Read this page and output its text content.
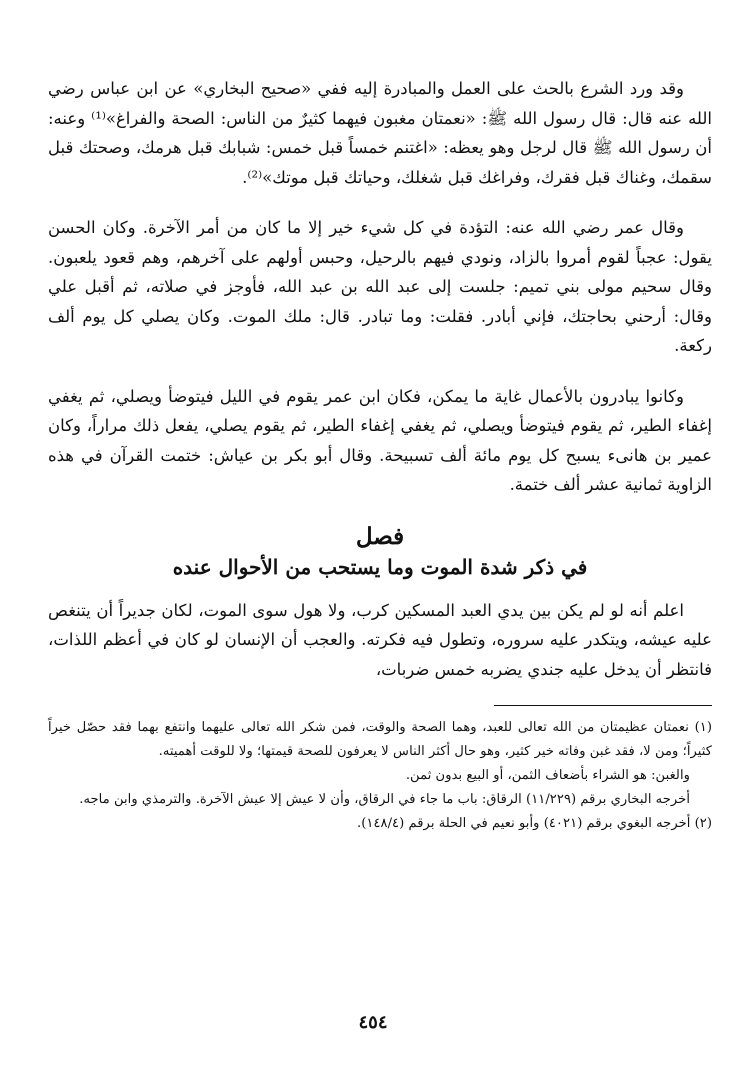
وقد ورد الشرع بالحث على العمل والمبادرة إليه ففي «صحيح البخاري» عن ابن عباس رضي الله عنه قال: قال رسول الله ﷺ: «نعمتان مغبون فيهما كثيرٌ من الناس: الصحة والفراغ»⁽¹⁾ وعنه: أن رسول الله ﷺ قال لرجل وهو يعظه: «اغتنم خمساً قبل خمس: شبابك قبل هرمك، وصحتك قبل سقمك، وغناك قبل فقرك، وفراغك قبل شغلك، وحياتك قبل موتك»⁽²⁾.

وقال عمر رضي الله عنه: التؤدة في كل شيء خير إلا ما كان من أمر الآخرة. وكان الحسن يقول: عجباً لقوم أمروا بالزاد، ونودي فيهم بالرحيل، وحبس أولهم على آخرهم، وهم قعود يلعبون. وقال سحيم مولى بني تميم: جلست إلى عبد الله بن عبد الله، فأوجز في صلاته، ثم أقبل علي وقال: أرحني بحاجتك، فإني أبادر. فقلت: وما تبادر. قال: ملك الموت. وكان يصلي كل يوم ألف ركعة.

وكانوا يبادرون بالأعمال غاية ما يمكن، فكان ابن عمر يقوم في الليل فيتوضأ ويصلي، ثم يغفي إغفاء الطير، ثم يقوم فيتوضأ ويصلي، ثم يغفي إغفاء الطير، ثم يقوم يصلي، يفعل ذلك مراراً، وكان عمير بن هانىء يسبح كل يوم مائة ألف تسبيحة. وقال أبو بكر بن عياش: ختمت القرآن في هذه الزاوية ثمانية عشر ألف ختمة.

فصل
في ذكر شدة الموت وما يستحب من الأحوال عنده

اعلم أنه لو لم يكن بين يدي العبد المسكين كرب، ولا هول سوى الموت، لكان جديراً أن يتنغص عليه عيشه، ويتكدر عليه سروره، وتطول فيه فكرته. والعجب أن الإنسان لو كان في أعظم اللذات، فانتظر أن يدخل عليه جندي يضربه خمس ضربات،

(١) نعمتان عظيمتان من الله تعالى للعبد، وهما الصحة والوقت، فمن شكر الله تعالى عليهما وانتفع بهما فقد حصّل خيراً كثيراً؛ ومن لا، فقد غبن وفاته خير كثير، وهو حال أكثر الناس لا يعرفون للصحة قيمتها؛ ولا للوقت أهميته.

والغبن: هو الشراء بأضعاف الثمن، أو البيع بدون ثمن.

أخرجه البخاري برقم (١١/٢٢٩) الرقاق: باب ما جاء في الرقاق، وأن لا عيش إلا عيش الآخرة. والترمذي وابن ماجه.

(٢) أخرجه البغوي برقم (٤٠٢١) وأبو نعيم في الحلة برقم (١٤٨/٤).

٤٥٤
